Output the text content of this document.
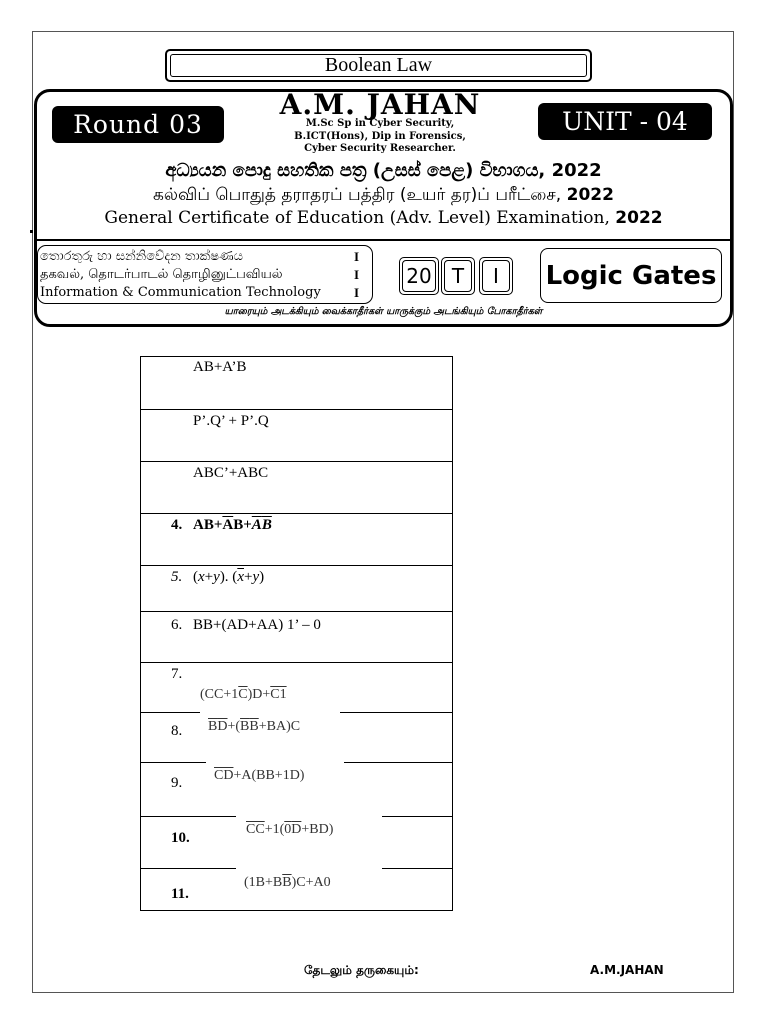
Boolean Law
Round 03	UNIT - 04
A.M. JAHAN
M.Sc Sp in Cyber Security,
B.ICT(Hons), Dip in Forensics,
Cyber Security Researcher.
අධ්‍යයන පොදු සහතික පත්‍ර (උසස් පෙළ) විභාගය, 2022
கல்விப் பொதுத் தராதரப் பத்திர (உயர் தர)ப் பரீட்சை, 2022
General Certificate of Education (Adv. Level) Examination, 2022
තොරතුරු හා සන්නිවේදන තාක්ෂණය	I
தகவல், தொடர்பாடல் தொழினுட்பவியல்	I
Information & Communication Technology	I
20	T	I	Logic Gates
யாரையும் அடக்கியும் வைக்காதீர்கள் யாருக்கும் அடங்கியும் போகாதீர்கள்
AB+A’B
P’.Q’ + P’.Q
ABC’+ABC
4. $AB+\overline{A}B+\overline{A}\overline{B}$
5. (x+y). $(\overline{x}+y)$
6. BB+(AD+AA) 1’ – 0
7.
$(CC+1\overline{C})D+C1$
8. $BD+(\overline{B}\overline{B}+BA)C$
9. $\overline{CD}+A(BB+1D)$
10.
$\overline{CC}+1(0\overline{D}+BD)$
11.
$(1B+B\overline{B})C+A0$
தேடலும் தருகையும்:	A.M.JAHAN
